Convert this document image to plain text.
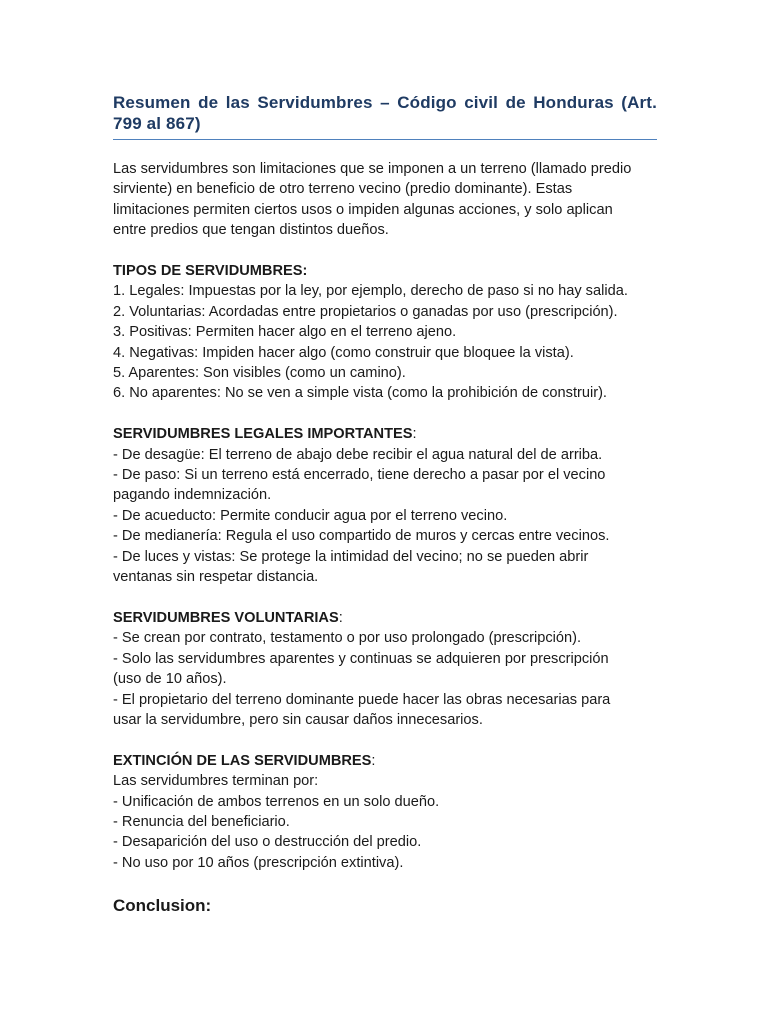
Resumen de las Servidumbres – Código civil de Honduras (Art. 799 al 867)
Las servidumbres son limitaciones que se imponen a un terreno (llamado predio
sirviente) en beneficio de otro terreno vecino (predio dominante). Estas
limitaciones permiten ciertos usos o impiden algunas acciones, y solo aplican
entre predios que tengan distintos dueños.
TIPOS DE SERVIDUMBRES:
1. Legales: Impuestas por la ley, por ejemplo, derecho de paso si no hay salida.
2. Voluntarias: Acordadas entre propietarios o ganadas por uso (prescripción).
3. Positivas: Permiten hacer algo en el terreno ajeno.
4. Negativas: Impiden hacer algo (como construir que bloquee la vista).
5. Aparentes: Son visibles (como un camino).
6. No aparentes: No se ven a simple vista (como la prohibición de construir).
SERVIDUMBRES LEGALES IMPORTANTES:
- De desagüe: El terreno de abajo debe recibir el agua natural del de arriba.
- De paso: Si un terreno está encerrado, tiene derecho a pasar por el vecino
pagando indemnización.
- De acueducto: Permite conducir agua por el terreno vecino.
- De medianería: Regula el uso compartido de muros y cercas entre vecinos.
- De luces y vistas: Se protege la intimidad del vecino; no se pueden abrir
ventanas sin respetar distancia.
SERVIDUMBRES VOLUNTARIAS:
- Se crean por contrato, testamento o por uso prolongado (prescripción).
- Solo las servidumbres aparentes y continuas se adquieren por prescripción
(uso de 10 años).
- El propietario del terreno dominante puede hacer las obras necesarias para
usar la servidumbre, pero sin causar daños innecesarios.
EXTINCIÓN DE LAS SERVIDUMBRES:
Las servidumbres terminan por:
- Unificación de ambos terrenos en un solo dueño.
- Renuncia del beneficiario.
- Desaparición del uso o destrucción del predio.
- No uso por 10 años (prescripción extintiva).
Conclusion:
